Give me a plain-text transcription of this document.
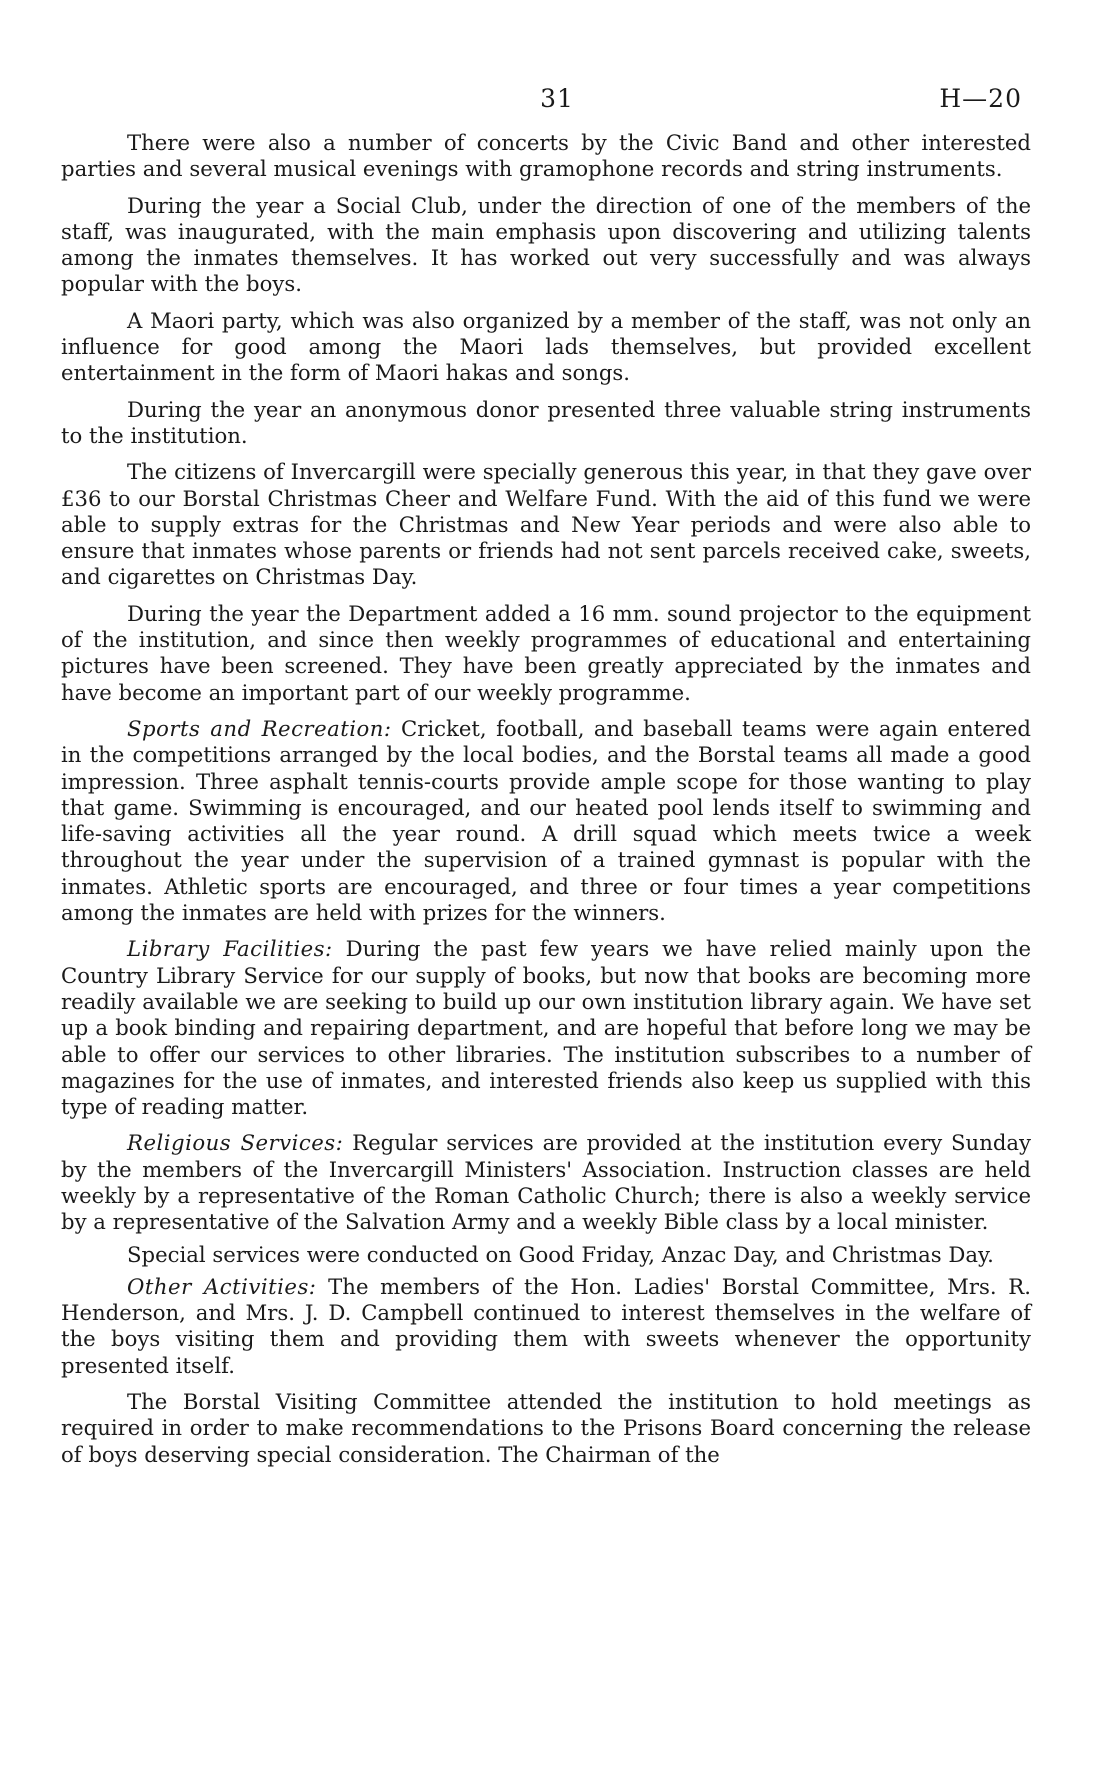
31	H—20

There were also a number of concerts by the Civic Band and other interested parties and several musical evenings with gramophone records and string instruments.

During the year a Social Club, under the direction of one of the members of the staff, was inaugurated, with the main emphasis upon discovering and utilizing talents among the inmates themselves. It has worked out very successfully and was always popular with the boys.

A Maori party, which was also organized by a member of the staff, was not only an influence for good among the Maori lads themselves, but provided excellent entertainment in the form of Maori hakas and songs.

During the year an anonymous donor presented three valuable string instruments to the institution.

The citizens of Invercargill were specially generous this year, in that they gave over £36 to our Borstal Christmas Cheer and Welfare Fund. With the aid of this fund we were able to supply extras for the Christmas and New Year periods and were also able to ensure that inmates whose parents or friends had not sent parcels received cake, sweets, and cigarettes on Christmas Day.

During the year the Department added a 16 mm. sound projector to the equipment of the institution, and since then weekly programmes of educational and entertaining pictures have been screened. They have been greatly appreciated by the inmates and have become an important part of our weekly programme.

Sports and Recreation: Cricket, football, and baseball teams were again entered in the competitions arranged by the local bodies, and the Borstal teams all made a good impression. Three asphalt tennis-courts provide ample scope for those wanting to play that game. Swimming is encouraged, and our heated pool lends itself to swimming and life-saving activities all the year round. A drill squad which meets twice a week throughout the year under the supervision of a trained gymnast is popular with the inmates. Athletic sports are encouraged, and three or four times a year competitions among the inmates are held with prizes for the winners.

Library Facilities: During the past few years we have relied mainly upon the Country Library Service for our supply of books, but now that books are becoming more readily available we are seeking to build up our own institution library again. We have set up a book binding and repairing department, and are hopeful that before long we may be able to offer our services to other libraries. The institution subscribes to a number of magazines for the use of inmates, and interested friends also keep us supplied with this type of reading matter.

Religious Services: Regular services are provided at the institution every Sunday by the members of the Invercargill Ministers' Association. Instruction classes are held weekly by a representative of the Roman Catholic Church; there is also a weekly service by a representative of the Salvation Army and a weekly Bible class by a local minister.

Special services were conducted on Good Friday, Anzac Day, and Christmas Day.

Other Activities: The members of the Hon. Ladies' Borstal Committee, Mrs. R. Henderson, and Mrs. J. D. Campbell continued to interest themselves in the welfare of the boys visiting them and providing them with sweets whenever the opportunity presented itself.

The Borstal Visiting Committee attended the institution to hold meetings as required in order to make recommendations to the Prisons Board concerning the release of boys deserving special consideration. The Chairman of the
